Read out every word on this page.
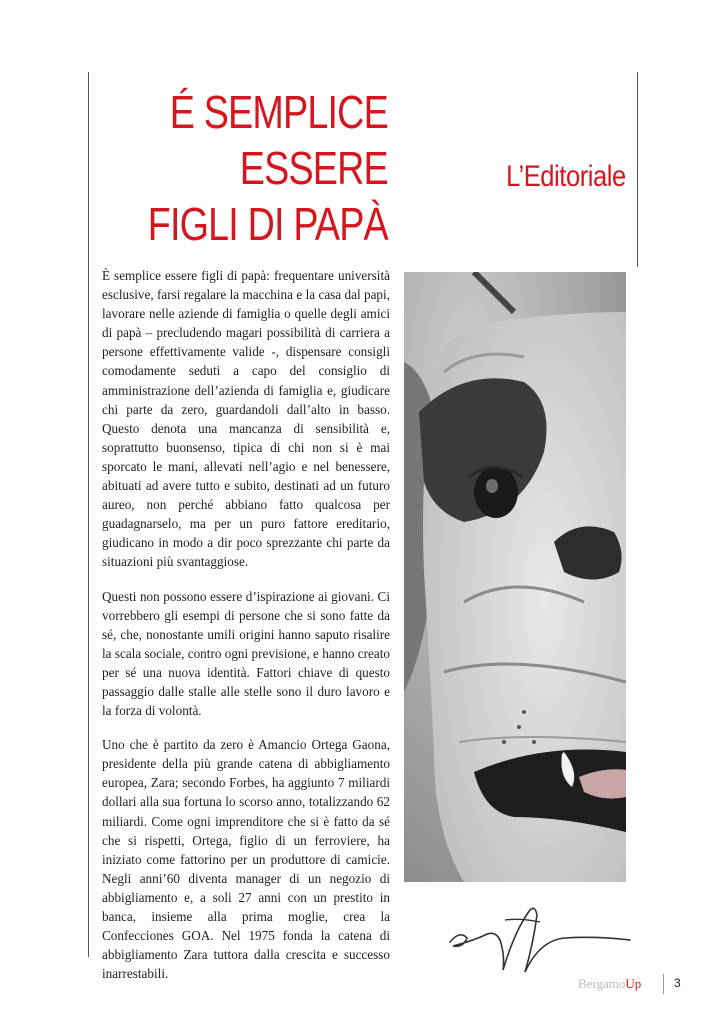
É SEMPLICE
ESSERE
FIGLI DI PAPÀ
L’Editoriale

È semplice essere figli di papà: frequentare università esclusive, farsi regalare la macchina e la casa dal papi, lavorare nelle aziende di famiglia o quelle degli amici di papà – precludendo magari possibilità di carriera a persone effettivamente valide -, dispensare consigli comodamente seduti a capo del consiglio di amministrazione dell’azienda di famiglia e, giudicare chi parte da zero, guardandoli dall’alto in basso. Questo denota una mancanza di sensibilità e, soprattutto buonsenso, tipica di chi non si è mai sporcato le mani, allevati nell’agio e nel benessere, abituati ad avere tutto e subito, destinati ad un futuro aureo, non perché abbiano fatto qualcosa per guadagnarselo, ma per un puro fattore ereditario, giudicano in modo a dir poco sprezzante chi parte da situazioni più svantaggiose.

Questi non possono essere d’ispirazione ai giovani. Ci vorrebbero gli esempi di persone che si sono fatte da sé, che, nonostante umili origini hanno saputo risalire la scala sociale, contro ogni previsione, e hanno creato per sé una nuova identità. Fattori chiave di questo passaggio dalle stalle alle stelle sono il duro lavoro e la forza di volontà.

Uno che è partito da zero è Amancio Ortega Gaona, presidente della più grande catena di abbigliamento europea, Zara; secondo Forbes, ha aggiunto 7 miliardi dollari alla sua fortuna lo scorso anno, totalizzando 62 miliardi. Come ogni imprenditore che si è fatto da sé che si rispetti, Ortega, figlio di un ferroviere, ha iniziato come fattorino per un produttore di camicie. Negli anni’60 diventa manager di un negozio di abbigliamento e, a soli 27 anni con un prestito in banca, insieme alla prima moglie, crea la Confecciones GOA. Nel 1975 fonda la catena di abbigliamento Zara tuttora dalla crescita e successo inarrestabili.

BergamoUp	3
